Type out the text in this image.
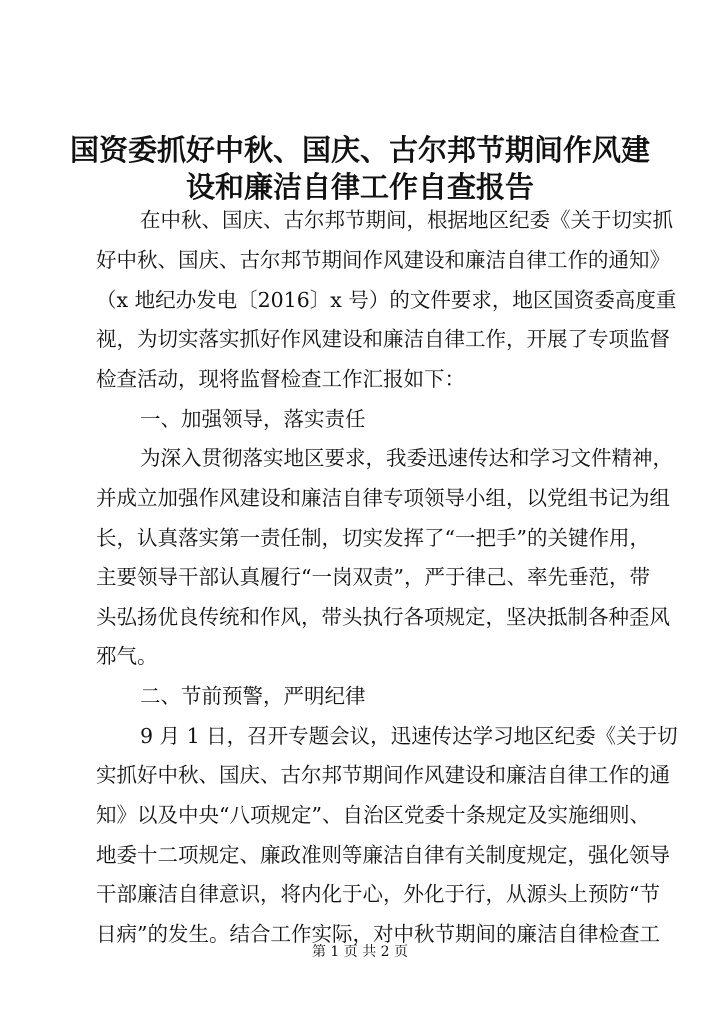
国资委抓好中秋、国庆、古尔邦节期间作风建
设和廉洁自律工作自查报告

在中秋、国庆、古尔邦节期间，根据地区纪委《关于切实抓

好中秋、国庆、古尔邦节期间作风建设和廉洁自律工作的通知》

（x 地纪办发电〔2016〕x 号）的文件要求，地区国资委高度重

视，为切实落实抓好作风建设和廉洁自律工作，开展了专项监督

检查活动，现将监督检查工作汇报如下：

一、加强领导，落实责任

为深入贯彻落实地区要求，我委迅速传达和学习文件精神，

并成立加强作风建设和廉洁自律专项领导小组，以党组书记为组

长，认真落实第一责任制，切实发挥了“一把手”的关键作用，

主要领导干部认真履行“一岗双责”，严于律己、率先垂范，带

头弘扬优良传统和作风，带头执行各项规定，坚决抵制各种歪风

邪气。

二、节前预警，严明纪律

9 月 1 日，召开专题会议，迅速传达学习地区纪委《关于切

实抓好中秋、国庆、古尔邦节期间作风建设和廉洁自律工作的通

知》以及中央“八项规定”、自治区党委十条规定及实施细则、

地委十二项规定、廉政准则等廉洁自律有关制度规定，强化领导

干部廉洁自律意识，将内化于心，外化于行，从源头上预防“节

日病”的发生。结合工作实际，对中秋节期间的廉洁自律检查工

第 1 页 共 2 页
